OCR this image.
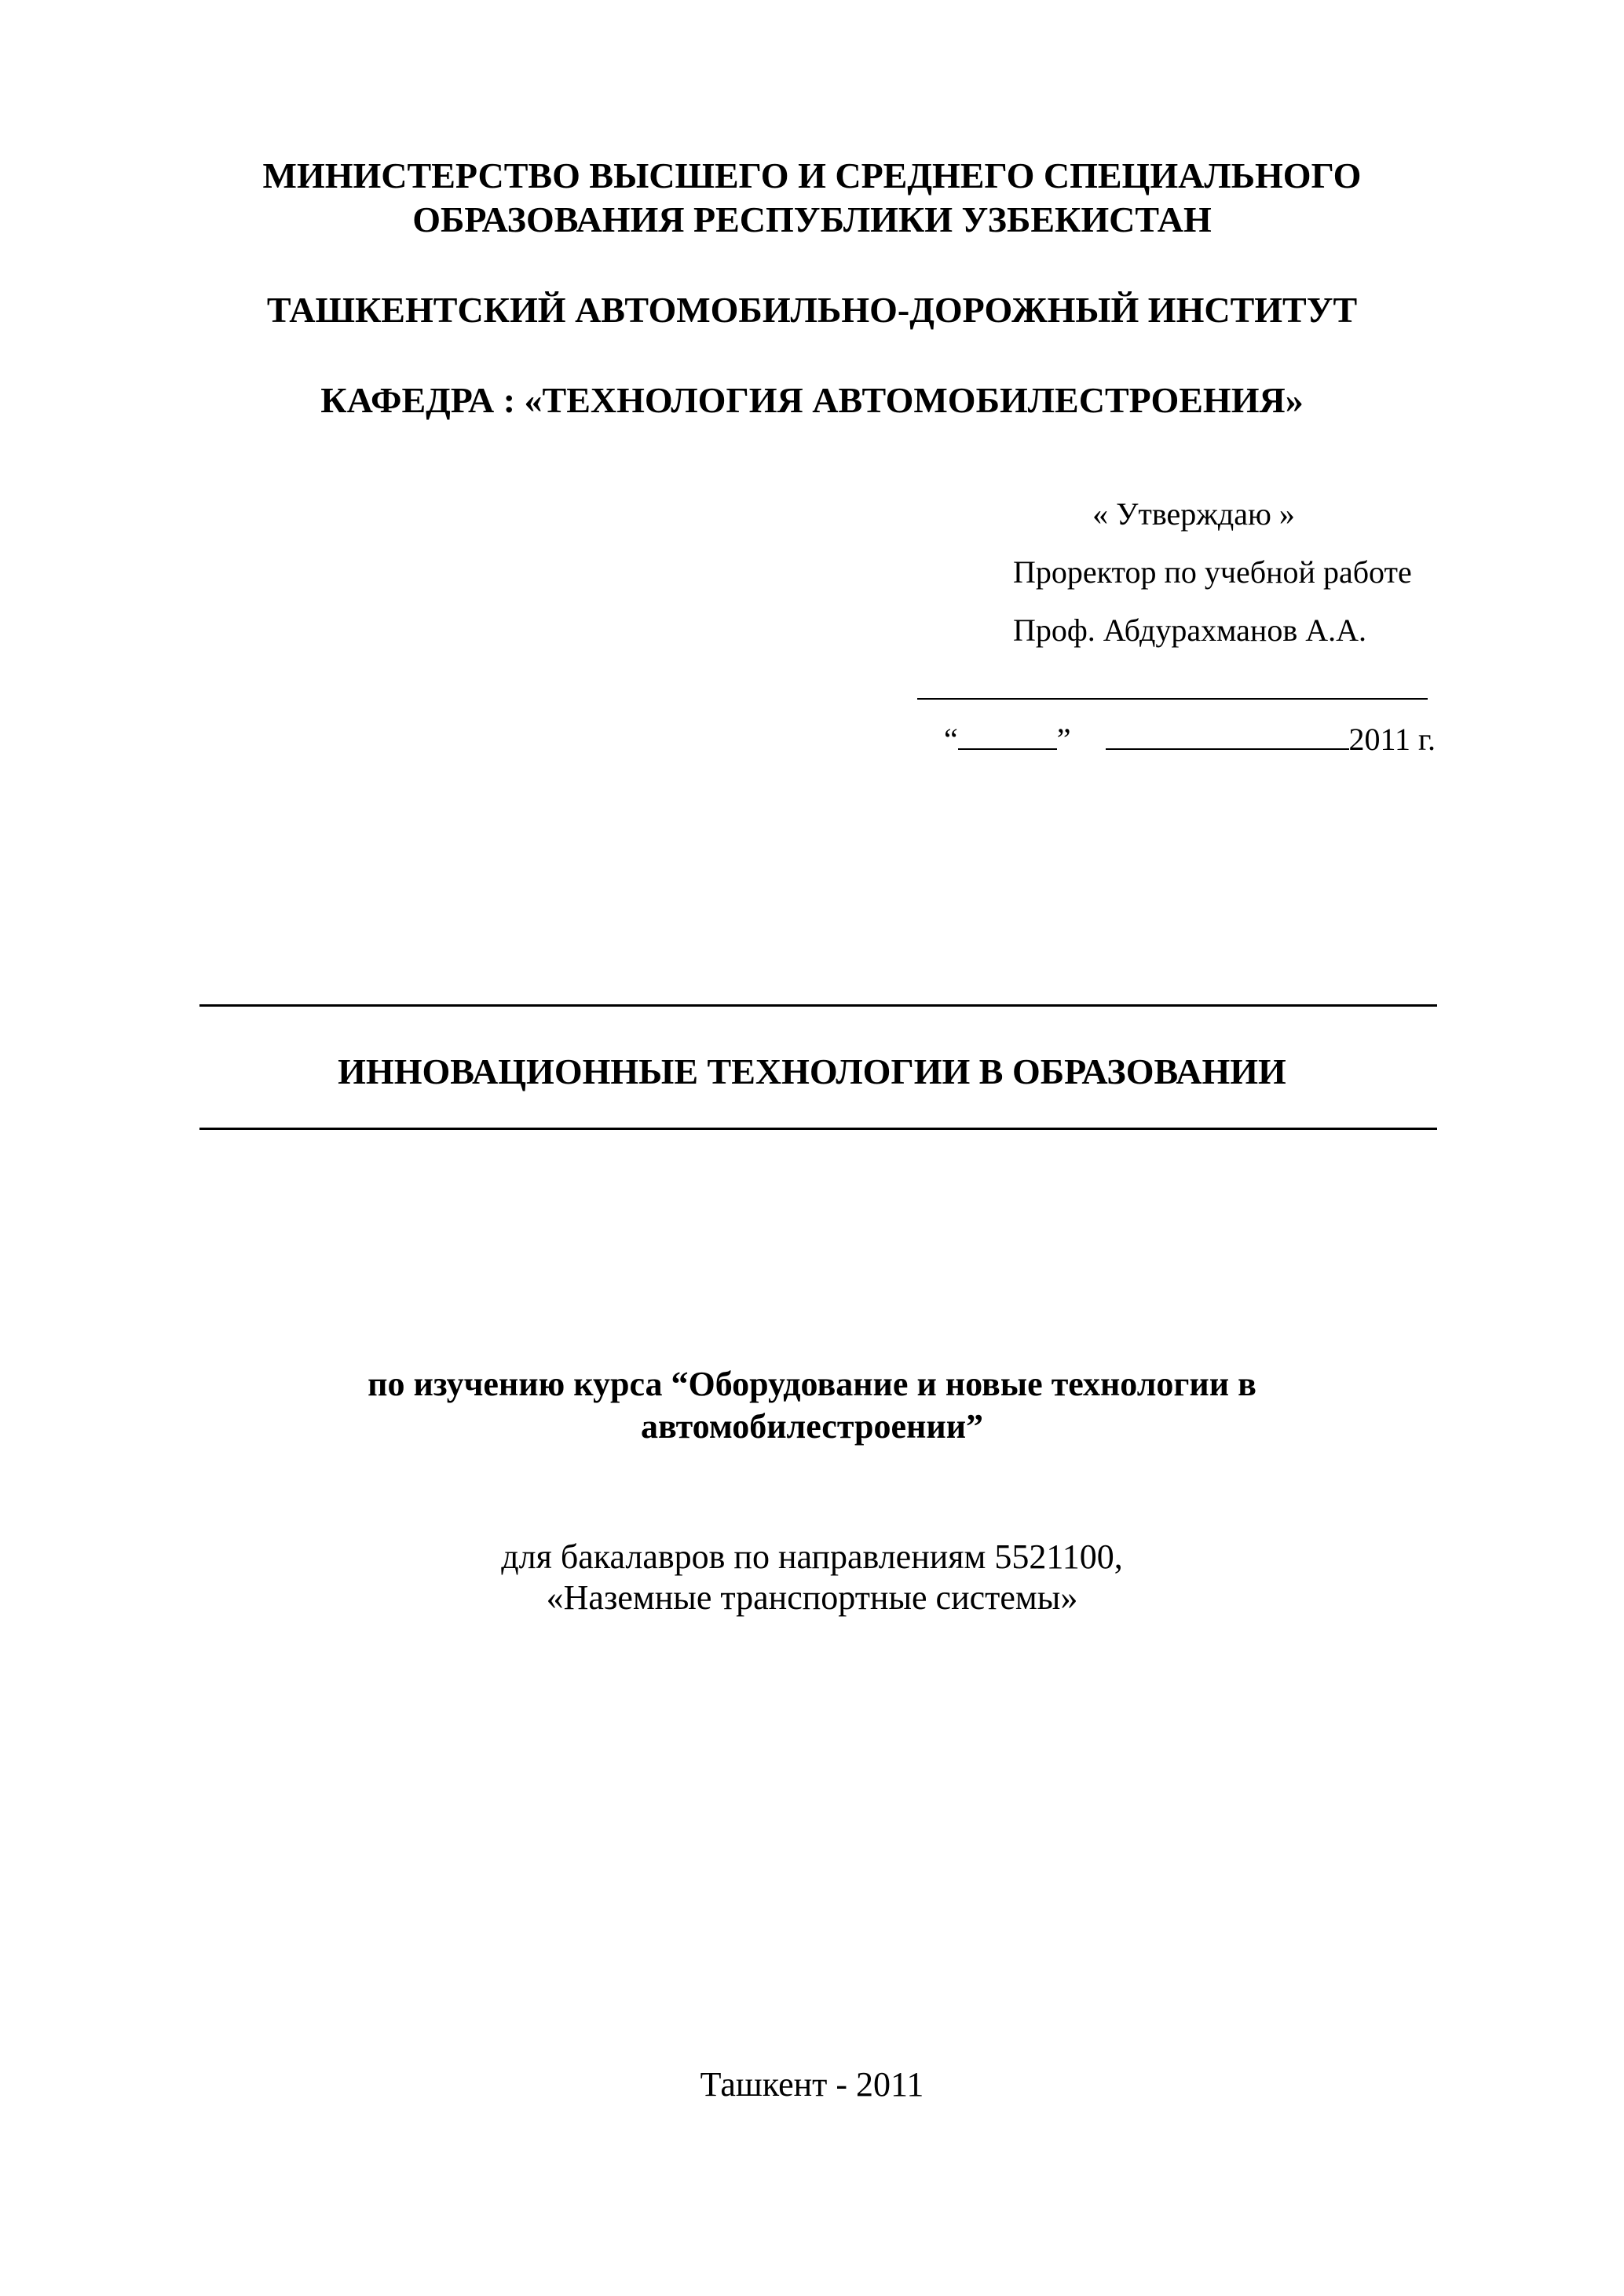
МИНИСТЕРСТВО ВЫСШЕГО И СРЕДНЕГО СПЕЦИАЛЬНОГО
ОБРАЗОВАНИЯ РЕСПУБЛИКИ УЗБЕКИСТАН
ТАШКЕНТСКИЙ АВТОМОБИЛЬНО-ДОРОЖНЫЙ ИНСТИТУТ
КАФЕДРА : «ТЕХНОЛОГИЯ АВТОМОБИЛЕСТРОЕНИЯ»
« Утверждаю »
Проректор по учебной работе
Проф. Абдурахманов А.А.
“	”	2011 г.
ИННОВАЦИОННЫЕ ТЕХНОЛОГИИ В ОБРАЗОВАНИИ
по изучению курса “Оборудование и новые технологии в
автомобилестроении”
для бакалавров по направлениям 5521100,
«Наземные транспортные системы»
Ташкент - 2011
